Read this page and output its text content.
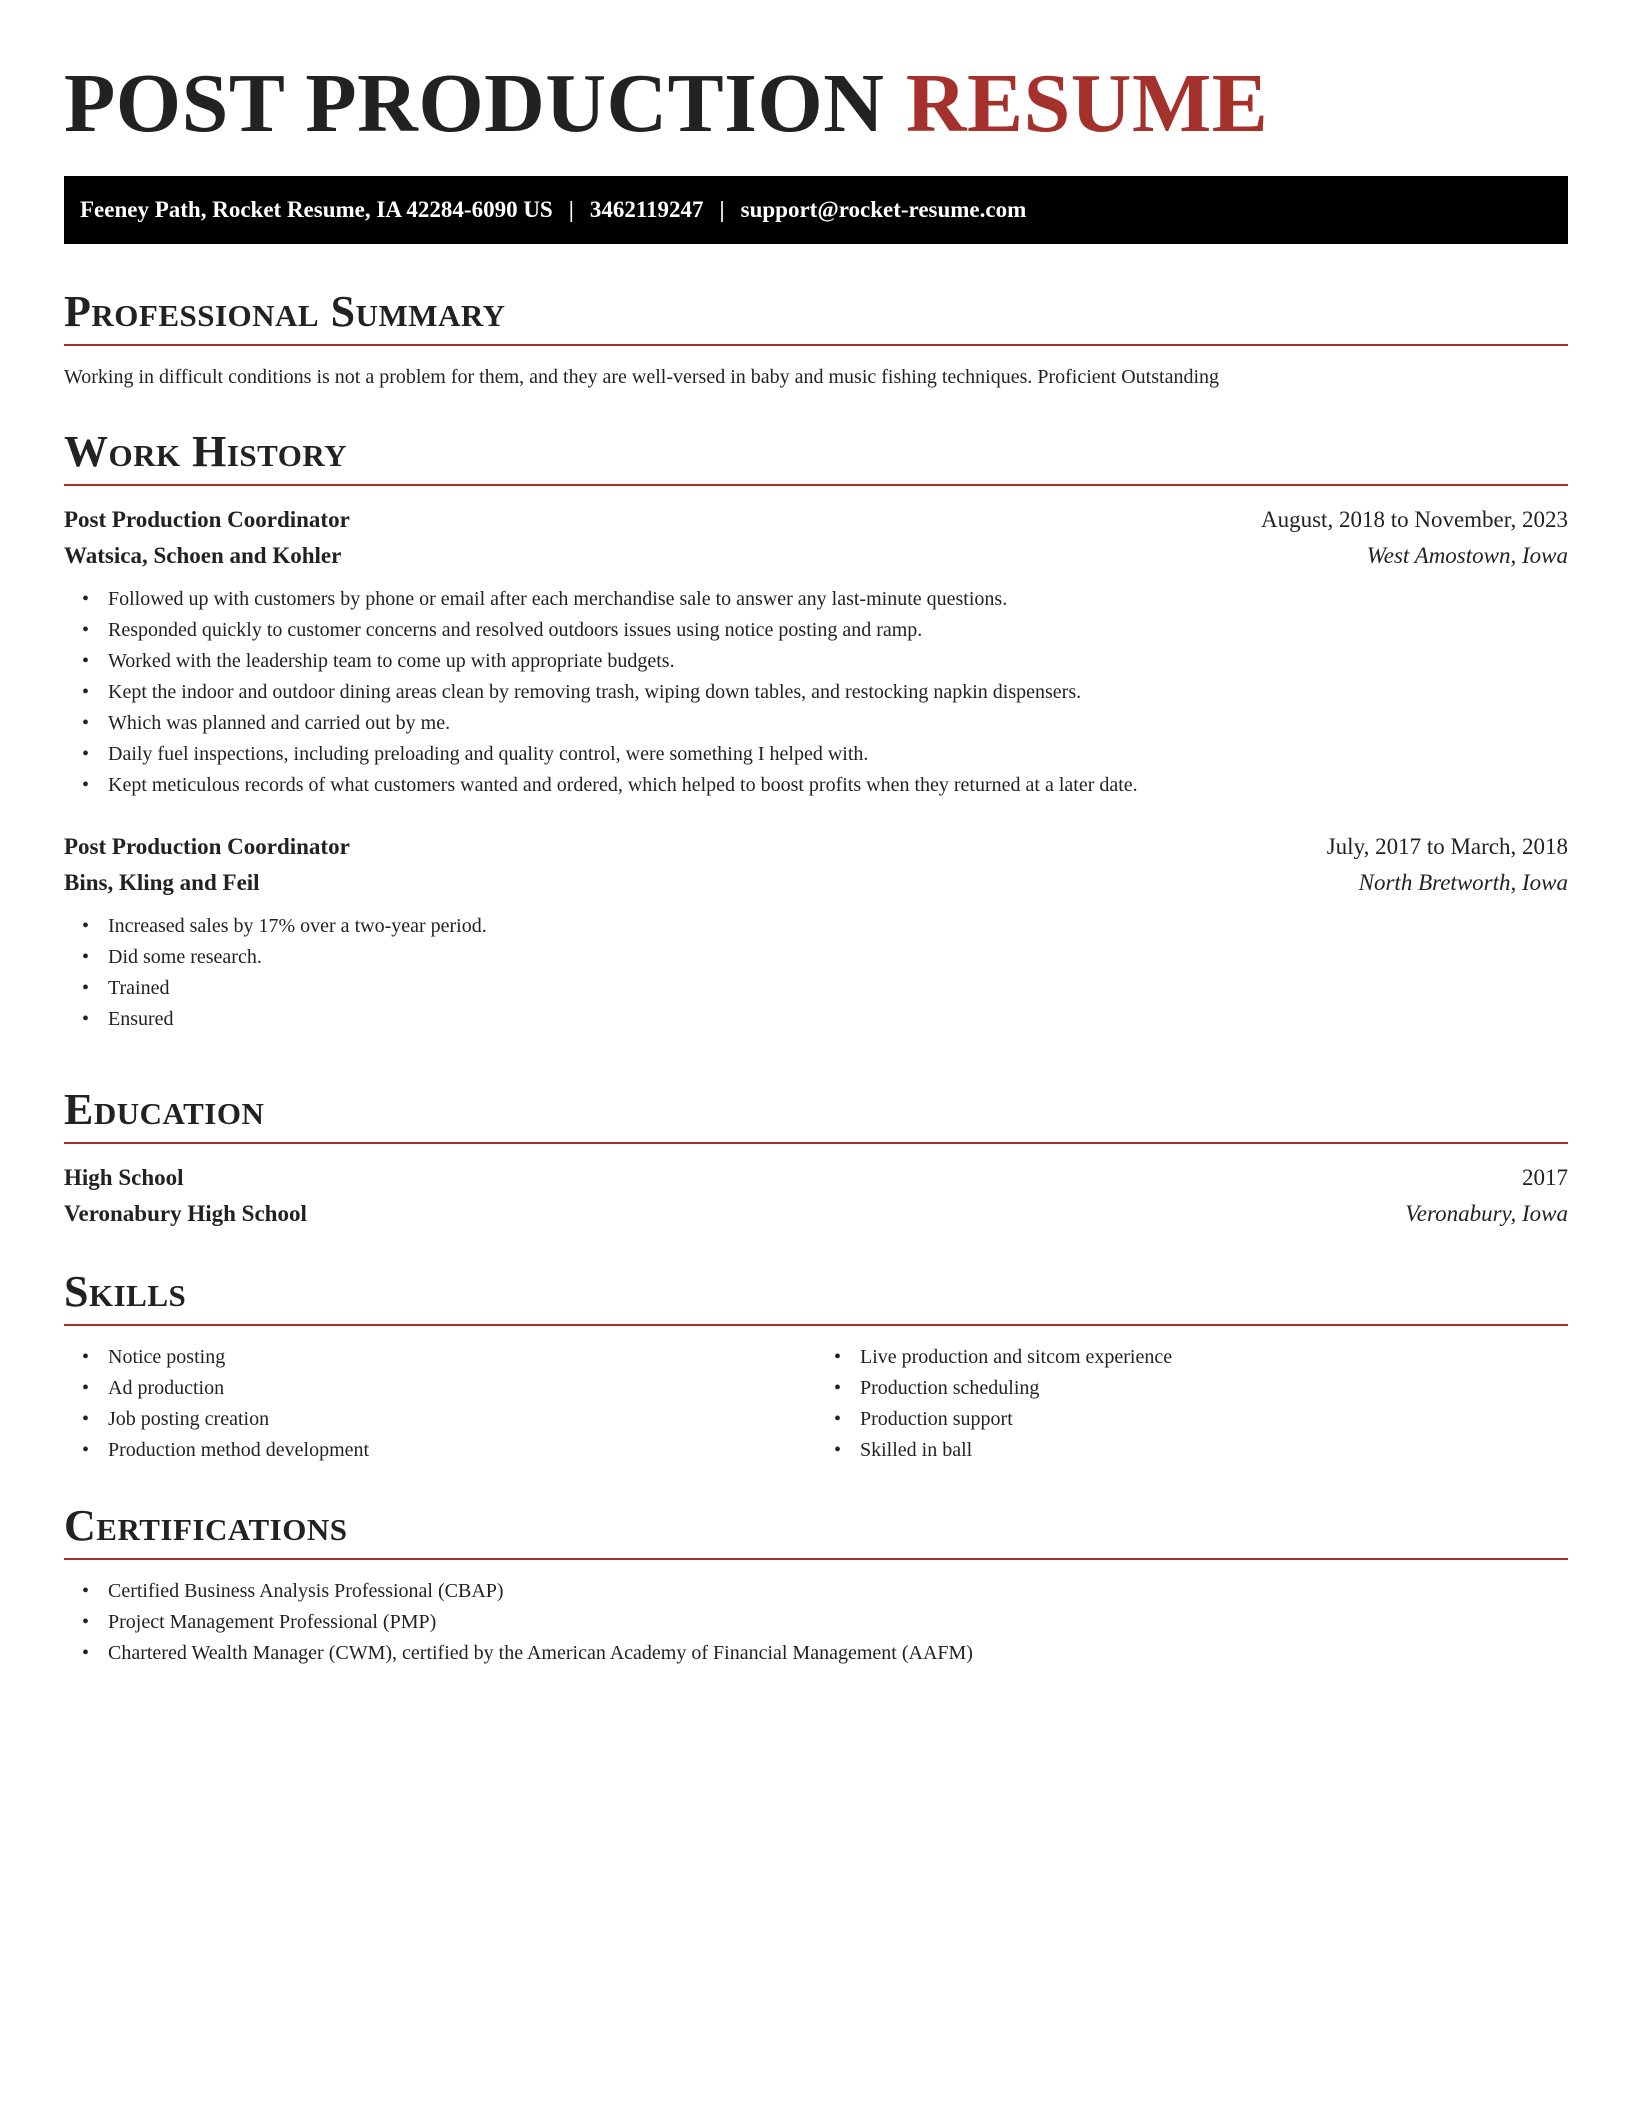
POST PRODUCTION RESUME
Feeney Path, Rocket Resume, IA 42284-6090 US | 3462119247 | support@rocket-resume.com
Professional Summary
Working in difficult conditions is not a problem for them, and they are well-versed in baby and music fishing techniques. Proficient Outstanding
Work History
Post Production Coordinator	August, 2018 to November, 2023
Watsica, Schoen and Kohler	West Amostown, Iowa
• Followed up with customers by phone or email after each merchandise sale to answer any last-minute questions.
• Responded quickly to customer concerns and resolved outdoors issues using notice posting and ramp.
• Worked with the leadership team to come up with appropriate budgets.
• Kept the indoor and outdoor dining areas clean by removing trash, wiping down tables, and restocking napkin dispensers.
• Which was planned and carried out by me.
• Daily fuel inspections, including preloading and quality control, were something I helped with.
• Kept meticulous records of what customers wanted and ordered, which helped to boost profits when they returned at a later date.
Post Production Coordinator	July, 2017 to March, 2018
Bins, Kling and Feil	North Bretworth, Iowa
• Increased sales by 17% over a two-year period.
• Did some research.
• Trained
• Ensured
Education
High School	2017
Veronabury High School	Veronabury, Iowa
Skills
• Notice posting
• Ad production
• Job posting creation
• Production method development
• Live production and sitcom experience
• Production scheduling
• Production support
• Skilled in ball
Certifications
• Certified Business Analysis Professional (CBAP)
• Project Management Professional (PMP)
• Chartered Wealth Manager (CWM), certified by the American Academy of Financial Management (AAFM)
